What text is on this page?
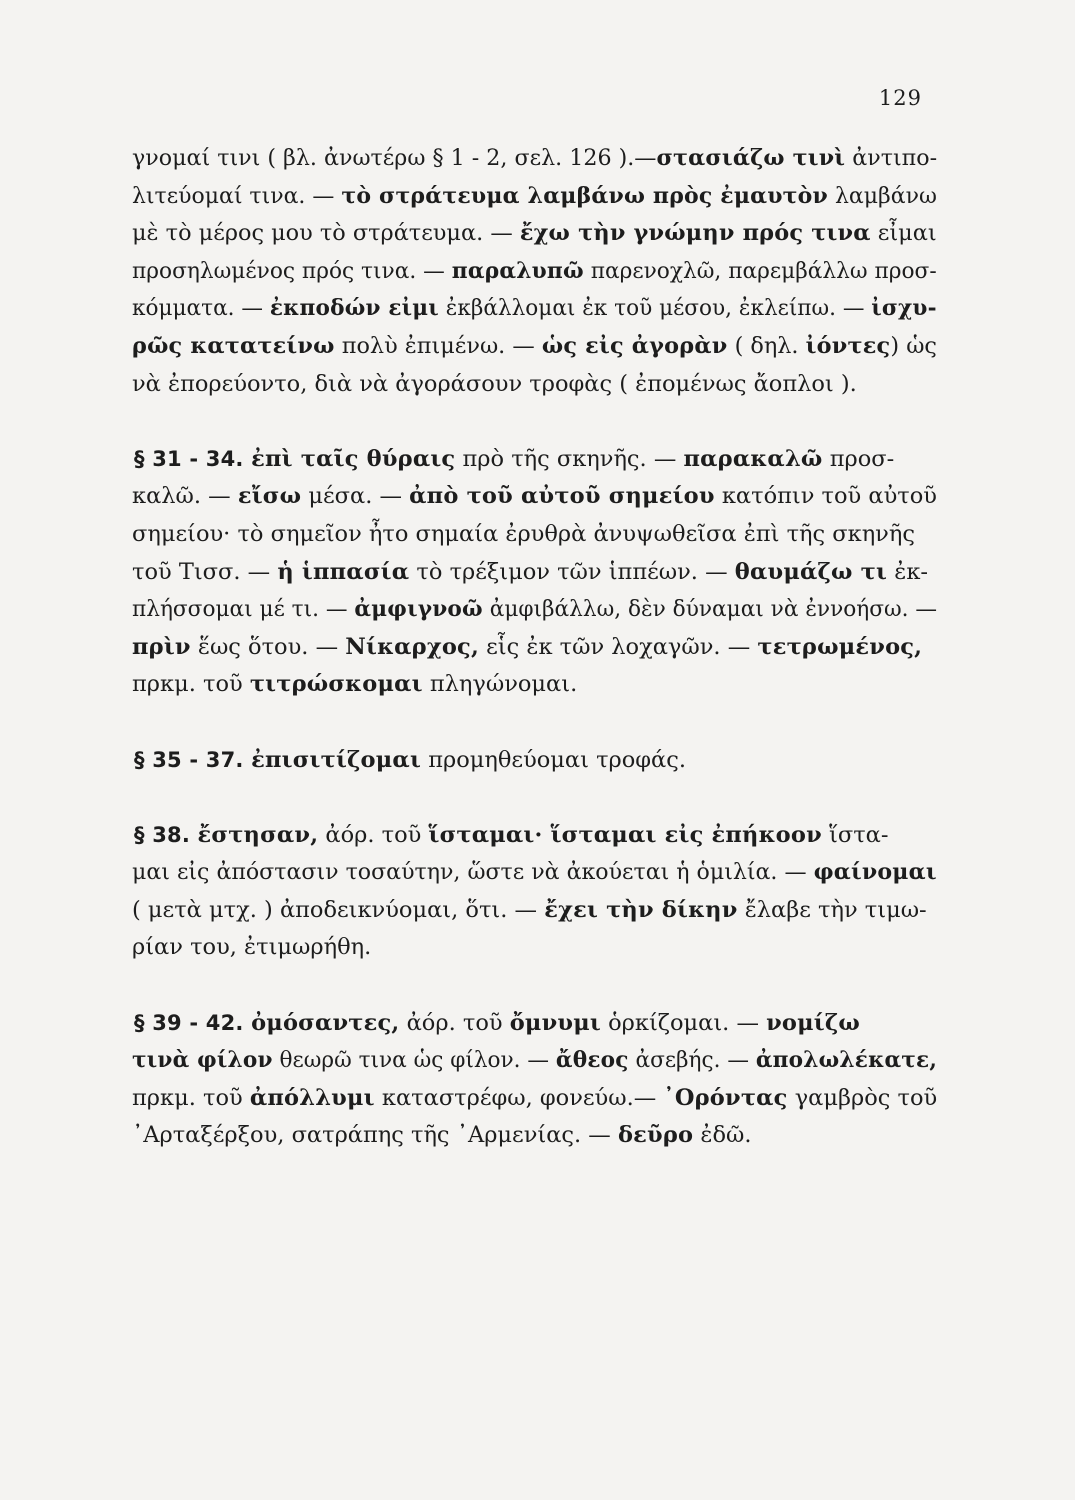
129
γνομαί τινι ( βλ. ἀνωτέρω § 1 - 2, σελ. 126 ).—στασιάζω τινὶ ἀντιπο-
λιτεύομαί τινα. — τὸ στράτευμα λαμβάνω πρὸς ἐμαυτὸν λαμβάνω
μὲ τὸ μέρος μου τὸ στράτευμα. — ἔχω τὴν γνώμην πρός τινα εἶμαι
προσηλωμένος πρός τινα. — παραλυπῶ παρενοχλῶ, παρεμβάλλω προσ-
κόμματα. — ἐκποδών εἰμι ἐκβάλλομαι ἐκ τοῦ μέσου, ἐκλείπω. — ἰσχυ-
ρῶς κατατείνω πολὺ ἐπιμένω. — ὡς εἰς ἀγορὰν ( δηλ. ἰόντες) ὡς
νὰ ἐπορεύοντο, διὰ νὰ ἀγοράσουν τροφὰς ( ἐπομένως ἄοπλοι ).
§ 31 - 34. ἐπὶ ταῖς θύραις πρὸ τῆς σκηνῆς. — παρακαλῶ προσ-
καλῶ. — εἴσω μέσα. — ἀπὸ τοῦ αὐτοῦ σημείου κατόπιν τοῦ αὐτοῦ
σημείου· τὸ σημεῖον ἦτο σημαία ἐρυθρὰ ἀνυψωθεῖσα ἐπὶ τῆς σκηνῆς
τοῦ Τισσ. — ἡ ἱππασία τὸ τρέξιμον τῶν ἱππέων. — θαυμάζω τι ἐκ-
πλήσσομαι μέ τι. — ἀμφιγνοῶ ἀμφιβάλλω, δὲν δύναμαι νὰ ἐννοήσω. —
πρὶν ἕως ὅτου. — Νίκαρχος, εἷς ἐκ τῶν λοχαγῶν. — τετρωμένος,
πρκμ. τοῦ τιτρώσκομαι πληγώνομαι.
§ 35 - 37. ἐπισιτίζομαι προμηθεύομαι τροφάς.
§ 38. ἔστησαν, ἀόρ. τοῦ ἵσταμαι· ἵσταμαι εἰς ἐπήκοον ἵστα-
μαι εἰς ἀπόστασιν τοσαύτην, ὥστε νὰ ἀκούεται ἡ ὁμιλία. — φαίνομαι
( μετὰ μτχ. ) ἀποδεικνύομαι, ὅτι. — ἔχει τὴν δίκην ἔλαβε τὴν τιμω-
ρίαν του, ἐτιμωρήθη.
§ 39 - 42. ὀμόσαντες, ἀόρ. τοῦ ὄμνυμι ὁρκίζομαι. — νομίζω
τινὰ φίλον θεωρῶ τινα ὡς φίλον. — ἄθεος ἀσεβής. — ἀπολωλέκατε,
πρκμ. τοῦ ἀπόλλυμι καταστρέφω, φονεύω.— ᾿Ορόντας γαμβρὸς τοῦ
᾿Αρταξέρξου, σατράπης τῆς ᾿Αρμενίας. — δεῦρο ἐδῶ.
